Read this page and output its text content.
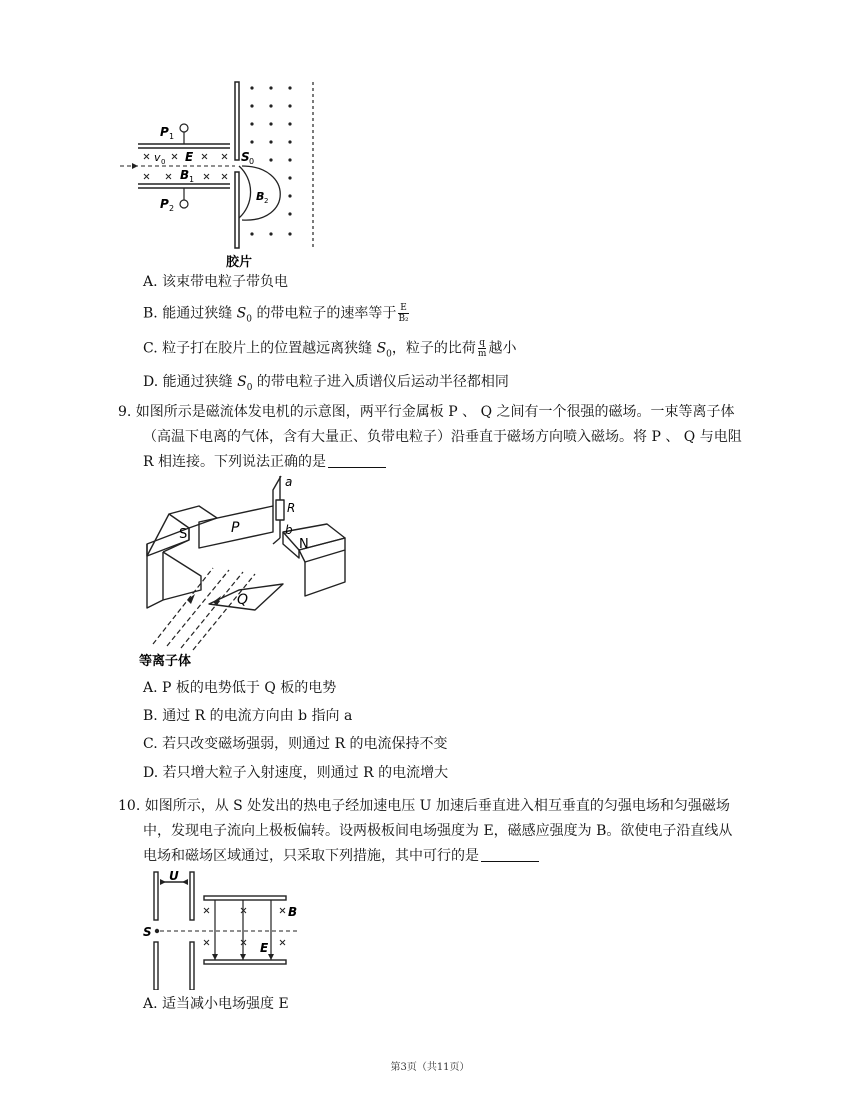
P 1
P 2
v 0 E
B 1
S 0
B 2
胶片
A. 该束带电粒子带负电
B. 能通过狭缝 $S_0$ 的带电粒子的速率等于 $\frac{E}{\text{B₂}}$
C. 粒子打在胶片上的位置越远离狭缝 $S_0$，粒子的比荷 $\frac{q}{m}$ 越小
D. 能通过狭缝 $S_0$ 的带电粒子进入质谱仪后运动半径都相同
9. 如图所示是磁流体发电机的示意图，两平行金属板 P 、 Q 之间有一个很强的磁场。一束等离子体
（高温下电离的气体，含有大量正、负带电粒子）沿垂直于磁场方向喷入磁场。将 P 、 Q 与电阻
R 相连接。下列说法正确的是
S	P
a
R
b
N
Q
等离子体
A. P 板的电势低于 Q 板的电势
B. 通过 R 的电流方向由 b 指向 a
C. 若只改变磁场强弱，则通过 R 的电流保持不变
D. 若只增大粒子入射速度，则通过 R 的电流增大
10. 如图所示，从 S 处发出的热电子经加速电压 U 加速后垂直进入相互垂直的匀强电场和匀强磁场
中，发现电子流向上极板偏转。设两极板间电场强度为 E，磁感应强度为 B。欲使电子沿直线从
电场和磁场区域通过，只采取下列措施，其中可行的是
U
S
B
E
A. 适当减小电场强度 E
第3页（共11页）
